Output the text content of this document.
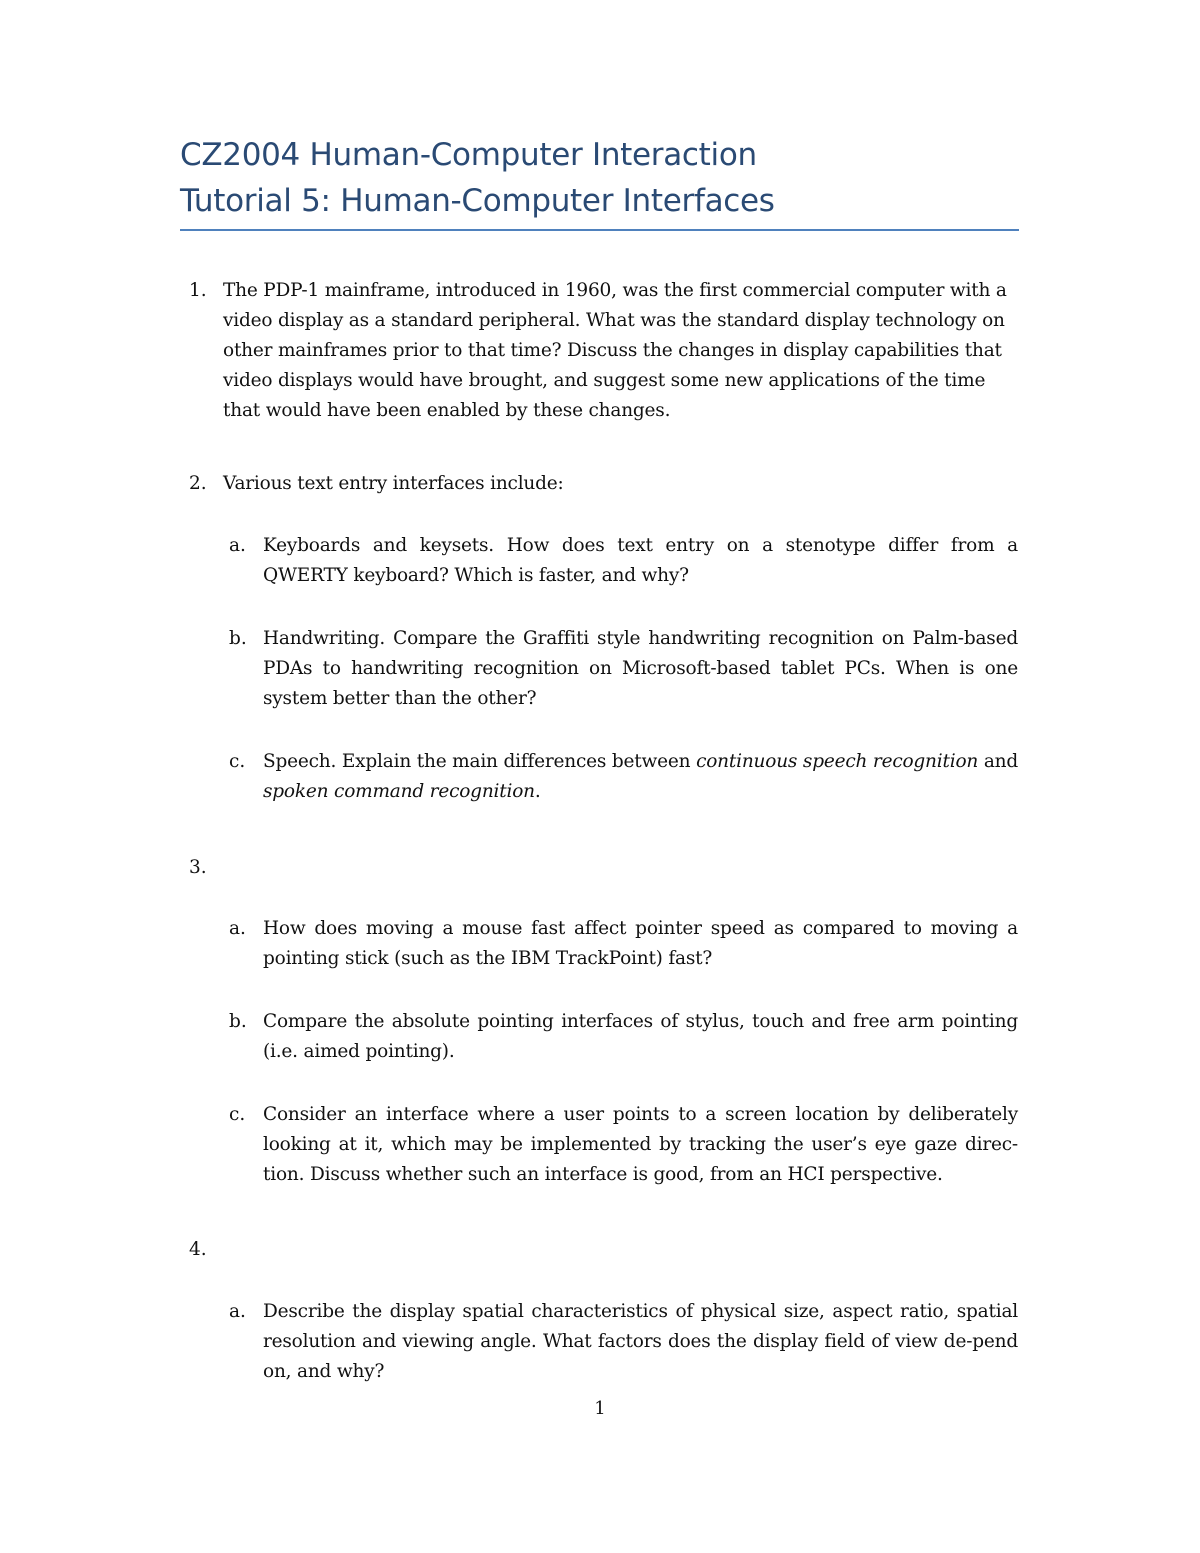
CZ2004 Human-Computer Interaction
Tutorial 5: Human-Computer Interfaces
1. The PDP-1 mainframe, introduced in 1960, was the first commercial computer with a video display as a standard peripheral. What was the standard display technology on other mainframes prior to that time? Discuss the changes in display capabilities that video displays would have brought, and suggest some new applications of the time that would have been enabled by these changes.
2. Various text entry interfaces include:
a. Keyboards and keysets. How does text entry on a stenotype differ from a QWERTY keyboard? Which is faster, and why?
b. Handwriting. Compare the Graffiti style handwriting recognition on Palm-based PDAs to handwriting recognition on Microsoft-based tablet PCs. When is one system better than the other?
c. Speech. Explain the main differences between continuous speech recognition and spoken command recognition.
3.
a. How does moving a mouse fast affect pointer speed as compared to moving a pointing stick (such as the IBM TrackPoint) fast?
b. Compare the absolute pointing interfaces of stylus, touch and free arm pointing (i.e. aimed pointing).
c. Consider an interface where a user points to a screen location by deliberately looking at it, which may be implemented by tracking the user’s eye gaze direc-tion. Discuss whether such an interface is good, from an HCI perspective.
4.
a. Describe the display spatial characteristics of physical size, aspect ratio, spatial resolution and viewing angle. What factors does the display field of view de-pend on, and why?
1
